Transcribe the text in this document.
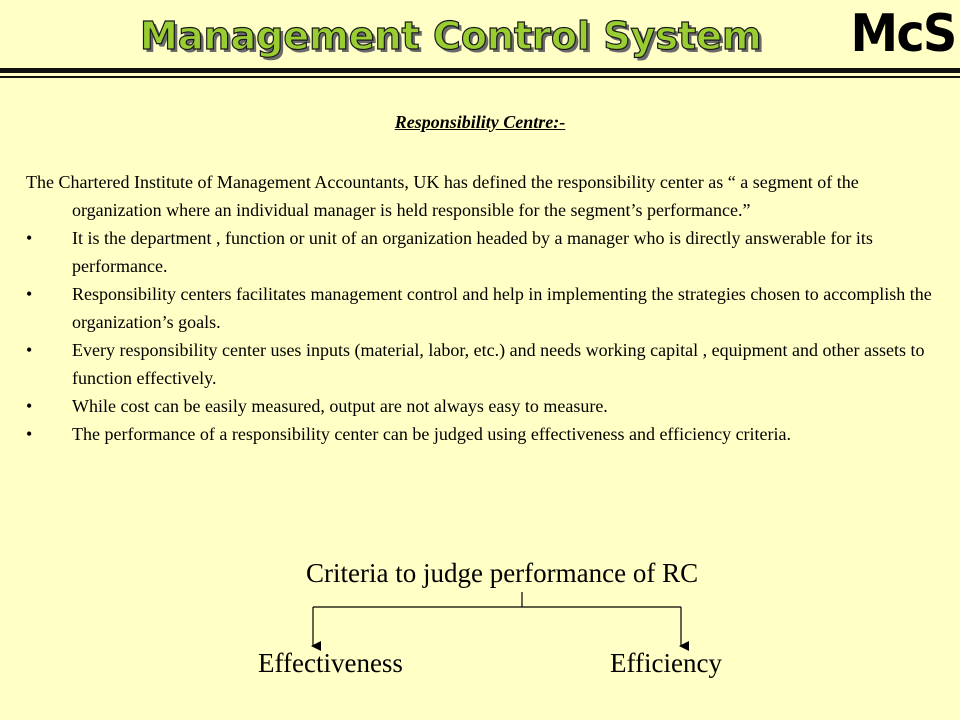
Management Control System McS
Responsibility Centre:-
The Chartered Institute of Management Accountants, UK has defined the responsibility center as “ a segment of the organization where an individual manager is held responsible for the segment’s performance.”
• It is the department , function or unit of an organization headed by a manager who is directly answerable for its performance.
• Responsibility centers facilitates management control and help in implementing the strategies chosen to accomplish the organization’s goals.
• Every responsibility center uses inputs (material, labor, etc.) and needs working capital , equipment and other assets to function effectively.
• While cost can be easily measured, output are not always easy to measure.
• The performance of a responsibility center can be judged using effectiveness and efficiency criteria.
Criteria to judge performance of RC
Effectiveness	Efficiency
